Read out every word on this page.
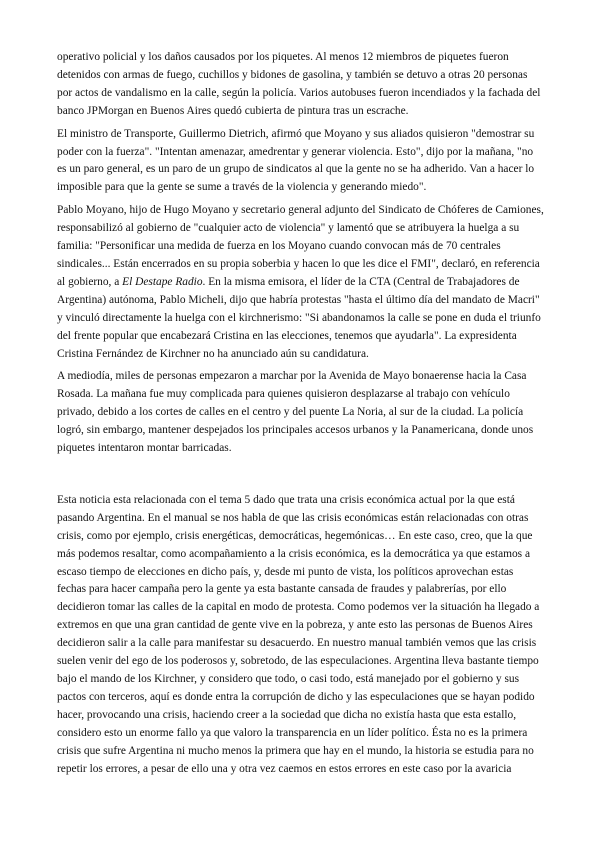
operativo policial y los daños causados por los piquetes. Al menos 12 miembros de piquetes fueron detenidos con armas de fuego, cuchillos y bidones de gasolina, y también se detuvo a otras 20 personas por actos de vandalismo en la calle, según la policía. Varios autobuses fueron incendiados y la fachada del banco JPMorgan en Buenos Aires quedó cubierta de pintura tras un escrache.

El ministro de Transporte, Guillermo Dietrich, afirmó que Moyano y sus aliados quisieron "demostrar su poder con la fuerza". "Intentan amenazar, amedrentar y generar violencia. Esto", dijo por la mañana, "no es un paro general, es un paro de un grupo de sindicatos al que la gente no se ha adherido. Van a hacer lo imposible para que la gente se sume a través de la violencia y generando miedo".

Pablo Moyano, hijo de Hugo Moyano y secretario general adjunto del Sindicato de Chóferes de Camiones, responsabilizó al gobierno de "cualquier acto de violencia" y lamentó que se atribuyera la huelga a su familia: "Personificar una medida de fuerza en los Moyano cuando convocan más de 70 centrales sindicales... Están encerrados en su propia soberbia y hacen lo que les dice el FMI", declaró, en referencia al gobierno, a El Destape Radio. En la misma emisora, el líder de la CTA (Central de Trabajadores de Argentina) autónoma, Pablo Micheli, dijo que habría protestas "hasta el último día del mandato de Macri" y vinculó directamente la huelga con el kirchnerismo: "Si abandonamos la calle se pone en duda el triunfo del frente popular que encabezará Cristina en las elecciones, tenemos que ayudarla". La expresidenta Cristina Fernández de Kirchner no ha anunciado aún su candidatura.

A mediodía, miles de personas empezaron a marchar por la Avenida de Mayo bonaerense hacia la Casa Rosada. La mañana fue muy complicada para quienes quisieron desplazarse al trabajo con vehículo privado, debido a los cortes de calles en el centro y del puente La Noria, al sur de la ciudad. La policía logró, sin embargo, mantener despejados los principales accesos urbanos y la Panamericana, donde unos piquetes intentaron montar barricadas.

Esta noticia esta relacionada con el tema 5 dado que trata una crisis económica actual por la que está pasando Argentina. En el manual se nos habla de que las crisis económicas están relacionadas con otras crisis, como por ejemplo, crisis energéticas, democráticas, hegemónicas… En este caso, creo, que la que más podemos resaltar, como acompañamiento a la crisis económica, es la democrática ya que estamos a escaso tiempo de elecciones en dicho país, y, desde mi punto de vista, los políticos aprovechan estas fechas para hacer campaña pero la gente ya esta bastante cansada de fraudes y palabrerías, por ello decidieron tomar las calles de la capital en modo de protesta. Como podemos ver la situación ha llegado a extremos en que una gran cantidad de gente vive en la pobreza, y ante esto las personas de Buenos Aires decidieron salir a la calle para manifestar su desacuerdo. En nuestro manual también vemos que las crisis suelen venir del ego de los poderosos y, sobretodo, de las especulaciones. Argentina lleva bastante tiempo bajo el mando de los Kirchner, y considero que todo, o casi todo, está manejado por el gobierno y sus pactos con terceros, aquí es donde entra la corrupción de dicho y las especulaciones que se hayan podido hacer, provocando una crisis, haciendo creer a la sociedad que dicha no existía hasta que esta estallo, considero esto un enorme fallo ya que valoro la transparencia en un líder político. Ésta no es la primera crisis que sufre Argentina ni mucho menos la primera que hay en el mundo, la historia se estudia para no repetir los errores, a pesar de ello una y otra vez caemos en estos errores en este caso por la avaricia
